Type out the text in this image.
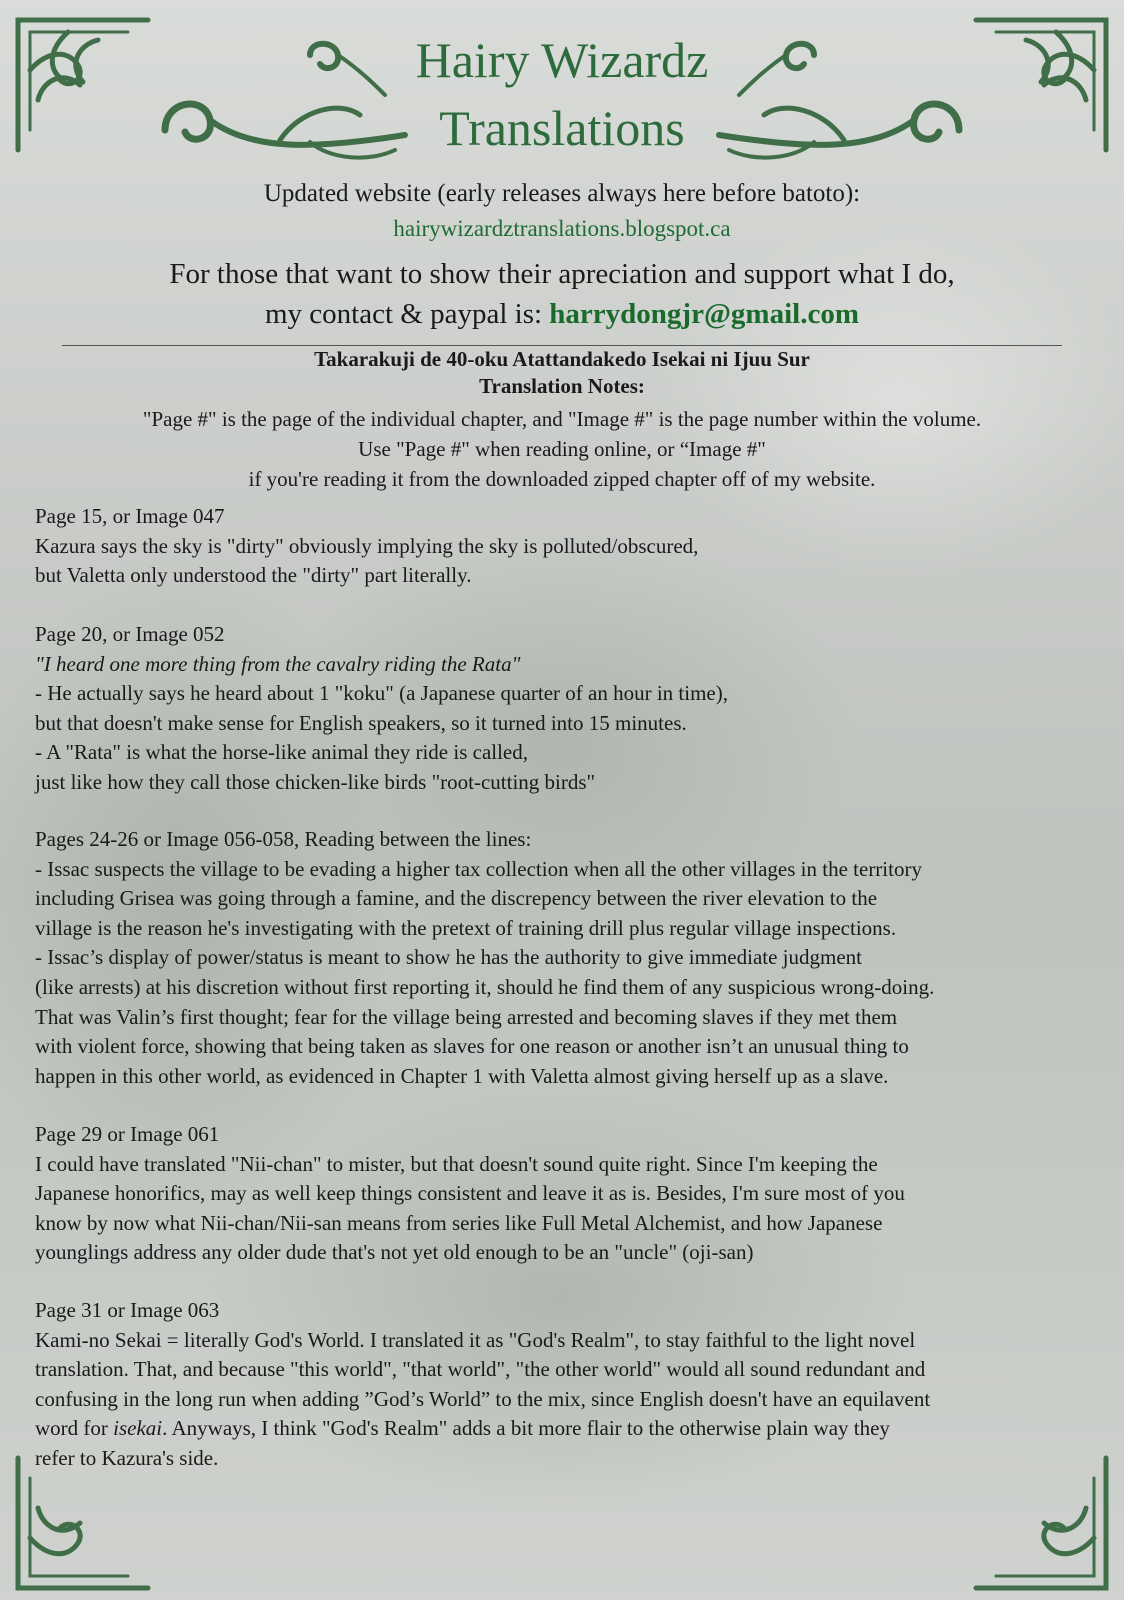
Hairy Wizardz
Translations
Updated website (early releases always here before batoto):
hairywizardztranslations.blogspot.ca
For those that want to show their apreciation and support what I do,
my contact & paypal is: harrydongjr@gmail.com
Takarakuji de 40-oku Atattandakedo Isekai ni Ijuu Sur
Translation Notes:
"Page #" is the page of the individual chapter, and "Image #" is the page number within the volume.
Use "Page #" when reading online, or “Image #"
if you're reading it from the downloaded zipped chapter off of my website.

Page 15, or Image 047

Kazura says the sky is "dirty" obviously implying the sky is polluted/obscured,

but Valetta only understood the "dirty" part literally.

Page 20, or Image 052

"I heard one more thing from the cavalry riding the Rata"

- He actually says he heard about 1 "koku" (a Japanese quarter of an hour in time),

but that doesn't make sense for English speakers, so it turned into 15 minutes.

- A "Rata" is what the horse-like animal they ride is called,

just like how they call those chicken-like birds "root-cutting birds"

Pages 24-26 or Image 056-058, Reading between the lines:

- Issac suspects the village to be evading a higher tax collection when all the other villages in the territory

including Grisea was going through a famine, and the discrepency between the river elevation to the

village is the reason he's investigating with the pretext of training drill plus regular village inspections.

- Issac’s display of power/status is meant to show he has the authority to give immediate judgment

(like arrests) at his discretion without first reporting it, should he find them of any suspicious wrong-doing.

That was Valin’s first thought; fear for the village being arrested and becoming slaves if they met them

with violent force, showing that being taken as slaves for one reason or another isn’t an unusual thing to

happen in this other world, as evidenced in Chapter 1 with Valetta almost giving herself up as a slave.

Page 29 or Image 061

I could have translated "Nii-chan" to mister, but that doesn't sound quite right. Since I'm keeping the

Japanese honorifics, may as well keep things consistent and leave it as is. Besides, I'm sure most of you

know by now what Nii-chan/Nii-san means from series like Full Metal Alchemist, and how Japanese

younglings address any older dude that's not yet old enough to be an "uncle" (oji-san)

Page 31 or Image 063

Kami-no Sekai = literally God's World. I translated it as "God's Realm", to stay faithful to the light novel

translation. That, and because "this world", "that world", "the other world" would all sound redundant and

confusing in the long run when adding ”God’s World” to the mix, since English doesn't have an equilavent

word for isekai. Anyways, I think "God's Realm" adds a bit more flair to the otherwise plain way they

refer to Kazura's side.
